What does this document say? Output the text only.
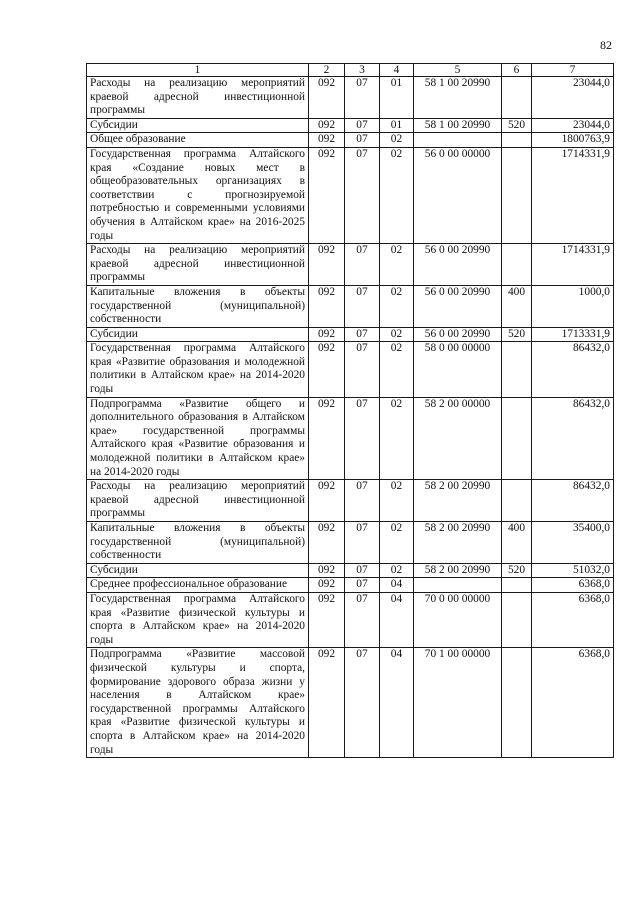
82
1	2	3	4	5	6	7
Расходы на реализацию мероприятий краевой адресной инвестиционной программы	092	07	01	58 1 00 20990		23044,0
Субсидии	092	07	01	58 1 00 20990	520	23044,0
Общее образование	092	07	02			1800763,9
Государственная программа Алтайского края «Создание новых мест в общеобразовательных организациях в соответствии с прогнозируемой потребностью и современными условиями обучения в Алтайском крае» на 2016-2025 годы	092	07	02	56 0 00 00000		1714331,9
Расходы на реализацию мероприятий краевой адресной инвестиционной программы	092	07	02	56 0 00 20990		1714331,9
Капитальные вложения в объекты государственной (муниципальной) собственности	092	07	02	56 0 00 20990	400	1000,0
Субсидии	092	07	02	56 0 00 20990	520	1713331,9
Государственная программа Алтайского края «Развитие образования и молодежной политики в Алтайском крае» на 2014-2020 годы	092	07	02	58 0 00 00000		86432,0
Подпрограмма «Развитие общего и дополнительного образования в Алтайском крае» государственной программы Алтайского края «Развитие образования и молодежной политики в Алтайском крае» на 2014-2020 годы	092	07	02	58 2 00 00000		86432,0
Расходы на реализацию мероприятий краевой адресной инвестиционной программы	092	07	02	58 2 00 20990		86432,0
Капитальные вложения в объекты государственной (муниципальной) собственности	092	07	02	58 2 00 20990	400	35400,0
Субсидии	092	07	02	58 2 00 20990	520	51032,0
Среднее профессиональное образование	092	07	04			6368,0
Государственная программа Алтайского края «Развитие физической культуры и спорта в Алтайском крае» на 2014-2020 годы	092	07	04	70 0 00 00000		6368,0
Подпрограмма «Развитие массовой физической культуры и спорта, формирование здорового образа жизни у населения в Алтайском крае» государственной программы Алтайского края «Развитие физической культуры и спорта в Алтайском крае» на 2014-2020 годы	092	07	04	70 1 00 00000		6368,0
